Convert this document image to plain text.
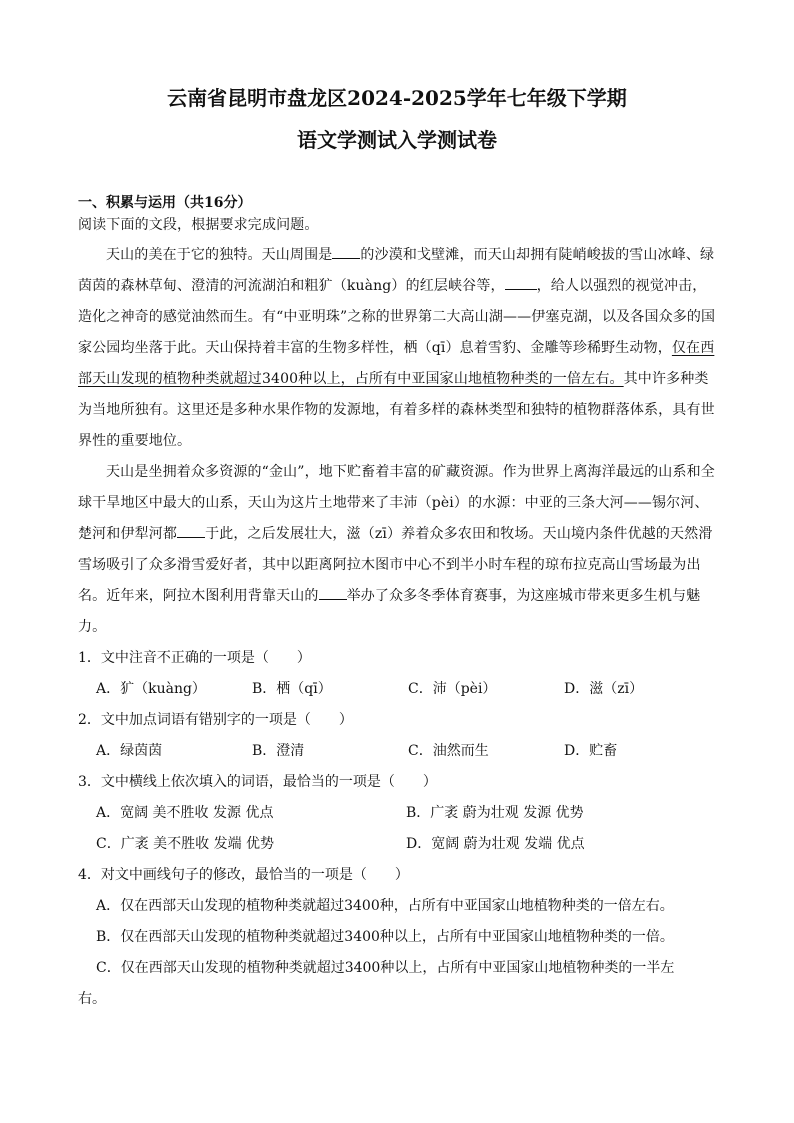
云南省昆明市盘龙区2024-2025学年七年级下学期
语文学测试入学测试卷
一、积累与运用（共16分）

阅读下面的文段，根据要求完成问题。

天山的美在于它的独特。天山周围是 的沙漠和戈壁滩，而天山却拥有陡峭峻拔的雪山冰峰、绿茵茵的森林草甸、澄清的河流湖泊和粗犷（kuàng）的红层峡谷等， ，给人以强烈的视觉冲击，造化之神奇的感觉油然而生。有“中亚明珠”之称的世界第二大高山湖——伊塞克湖，以及各国众多的国家公园均坐落于此。天山保持着丰富的生物多样性，栖（qī）息着雪豹、金雕等珍稀野生动物，仅在西部天山发现的植物种类就超过3400种以上，占所有中亚国家山地植物种类的一倍左右。其中许多种类为当地所独有。这里还是多种水果作物的发源地，有着多样的森林类型和独特的植物群落体系，具有世界性的重要地位。

天山是坐拥着众多资源的“金山”，地下贮畜着丰富的矿藏资源。作为世界上离海洋最远的山系和全球干旱地区中最大的山系，天山为这片土地带来了丰沛（pèi）的水源：中亚的三条大河——锡尔河、楚河和伊犁河都 于此，之后发展壮大，滋（zī）养着众多农田和牧场。天山境内条件优越的天然滑雪场吸引了众多滑雪爱好者，其中以距离阿拉木图市中心不到半小时车程的琼布拉克高山雪场最为出名。近年来，阿拉木图利用背靠天山的 举办了众多冬季体育赛事，为这座城市带来更多生机与魅力。

1．文中注音不正确的一项是（　　）

A．犷（kuàng）	B．栖（qī）	C．沛（pèi）	D．滋（zī）

2．文中加点词语有错别字的一项是（　　）

A．绿茵茵	B．澄清	C．油然而生	D．贮畜

3．文中横线上依次填入的词语，最恰当的一项是（　　）

A．宽阔 美不胜收 发源 优点	B．广袤 蔚为壮观 发源 优势
C．广袤 美不胜收 发端 优势	D．宽阔 蔚为壮观 发端 优点

4．对文中画线句子的修改，最恰当的一项是（　　）

A．仅在西部天山发现的植物种类就超过3400种，占所有中亚国家山地植物种类的一倍左右。
B．仅在西部天山发现的植物种类就超过3400种以上，占所有中亚国家山地植物种类的一倍。
C．仅在西部天山发现的植物种类就超过3400种以上，占所有中亚国家山地植物种类的一半左
右。
